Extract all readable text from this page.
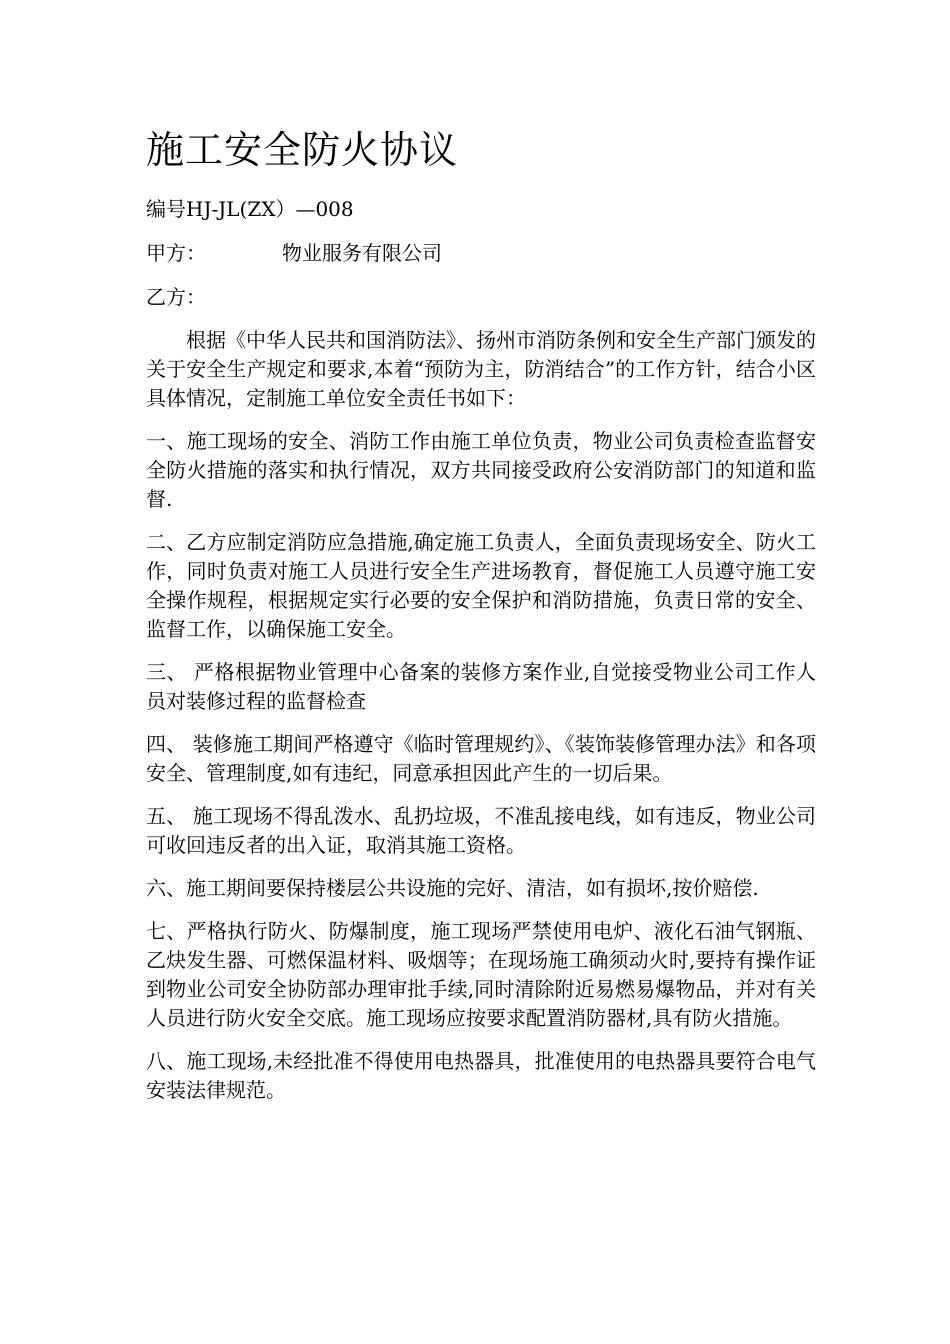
施工安全防火协议

编号HJ-JL(ZX）—008

甲方：	物业服务有限公司

乙方：

根据《中华人民共和国消防法》、扬州市消防条例和安全生产部门颁发的关于安全生产规定和要求,本着“预防为主，防消结合”的工作方针，结合小区具体情况，定制施工单位安全责任书如下：

一、施工现场的安全、消防工作由施工单位负责，物业公司负责检查监督安全防火措施的落实和执行情况，双方共同接受政府公安消防部门的知道和监督.

二、乙方应制定消防应急措施,确定施工负责人，全面负责现场安全、防火工作，同时负责对施工人员进行安全生产进场教育，督促施工人员遵守施工安全操作规程，根据规定实行必要的安全保护和消防措施，负责日常的安全、监督工作，以确保施工安全。

三、 严格根据物业管理中心备案的装修方案作业,自觉接受物业公司工作人员对装修过程的监督检查

四、 装修施工期间严格遵守《临时管理规约》、《装饰装修管理办法》和各项安全、管理制度,如有违纪，同意承担因此产生的一切后果。

五、 施工现场不得乱泼水、乱扔垃圾，不准乱接电线，如有违反，物业公司可收回违反者的出入证，取消其施工资格。

六、施工期间要保持楼层公共设施的完好、清洁，如有损坏,按价赔偿.

七、严格执行防火、防爆制度，施工现场严禁使用电炉、液化石油气钢瓶、乙炔发生器、可燃保温材料、吸烟等；在现场施工确须动火时,要持有操作证到物业公司安全协防部办理审批手续,同时清除附近易燃易爆物品，并对有关人员进行防火安全交底。施工现场应按要求配置消防器材,具有防火措施。

八、施工现场,未经批准不得使用电热器具，批准使用的电热器具要符合电气安装法律规范。
